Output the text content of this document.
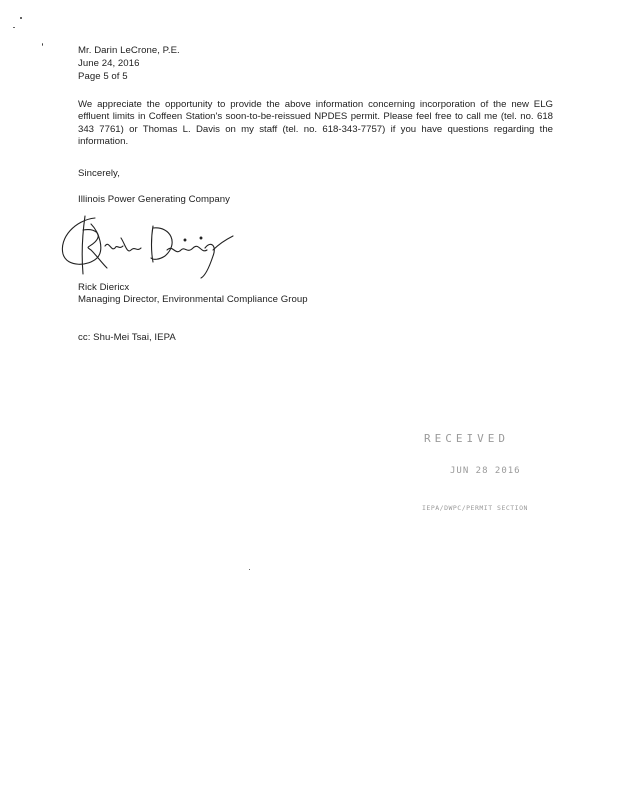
Mr. Darin LeCrone, P.E.
June 24, 2016
Page 5 of 5
We appreciate the opportunity to provide the above information concerning incorporation of the new ELG effluent limits in Coffeen Station's soon-to-be-reissued NPDES permit. Please feel free to call me (tel. no. 618 343 7761) or Thomas L. Davis on my staff (tel. no. 618-343-7757) if you have questions regarding the information.
Sincerely,
Illinois Power Generating Company
Rick Diericx
Managing Director, Environmental Compliance Group
cc: Shu-Mei Tsai, IEPA
RECEIVED
JUN 28 2016
IEPA/DWPC/PERMIT SECTION
